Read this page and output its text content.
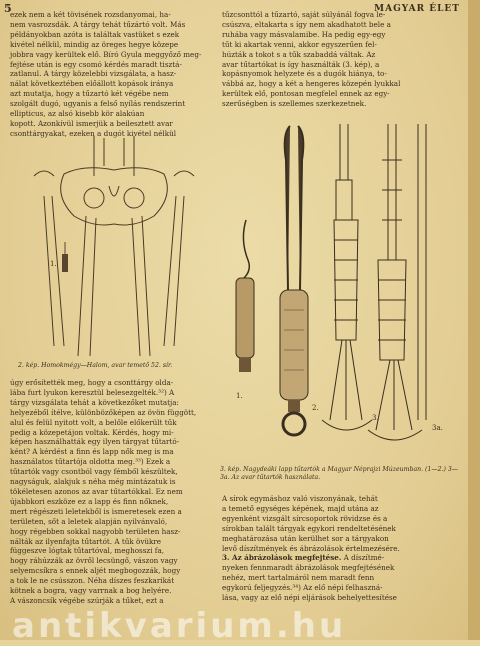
5	MAGYAR ÉLET

ezek nem a két tövisének rozsdanyomai, ha-
nem vasrozsdák. A tárgy tehát tűzártó volt. Más
példányokban azóta is találtak vastüket s ezek
kivétel nélkül, mindig az öreges hegye közepe
jobbra vagy kerültek elő. Bíró Gyula meggyőző meg-
fejtése után is egy csomó kérdés maradt tisztá-
zatlanul. A tárgy közelebbi vizsgálata, a hasz-
nálat következtében előállott kopások iránya
azt mutatja, hogy a tűzartó két végébe nem
szolgált dugó, ugyanis a felső nyílás rendszerint
ellipticus, az alsó kisebb kör alakúan
kopott. Azonkívül ismerjük a beilesztett avar
csonttárgyakat, ezeken a dugót kivétel nélkül

tűzcsonttól a tűzartó, saját súlyánál fogva le-
csúszva, eltakarta s így nem akadhatott bele a
ruhába vagy másvalamibe. Ha pedig egy-egy
tűt ki akartak venni, akkor egyszerűen fel-
húzták a tokot s a tűk szabaddá váltak. Az
avar tűtartókat is így használták (3. kép), a
kopásnyomok helyzete és a dugók hiánya, to-
vábbá az, hogy a két a hengeres közepén lyukkal
kerültek elő, pontosan megfelel ennek az egy-
szerűségben is szellemes szerkezetnek.

1.
2. kép. Homokmégy—Halom, avar temető 52. sír.
1.
2.
3.
3a.
3. kép. Nagydeáki lapp tűtartók a Magyar Néprajzi Múzeumban. (1—2.) 3—3a. Az avar tűtartók használata.

úgy erősítették meg, hogy a csonttárgy olda-
lába furt lyukon keresztül belesezgelték.³²) A
tárgy vizsgálata tehát a következőket mutatja:
helyezéből ítélve, különbözőképen az övön függött,
alul és felül nyitott volt, a belőle előkerült tűk
pedig a közepetájon voltak. Kérdés, hogy mi-
képen használhatták egy ilyen tárgyat tűtartó-
ként? A kérdést a finn és lapp nők meg is ma
használatos tűtartója oldotta meg.³³) Ezek a
tűtartók vagy csontból vagy fémből készültek,
nagyságuk, alakjuk s néha még mintázatuk is
tökéletesen azonos az avar tűtartókkal. Ez nem
újabbkori eszköze ez a lapp és finn nőknek,
mert régészeti leletekből is ismeretesek ezen a
területen, sőt a leletek alapján nyilvánvaló,
hogy régebben sokkal nagyobb területen hasz-
nálták az ilyenfajta tűtartót. A tűk övükre
függeszve lógtak tűtartóval, meghosszi fa,
hogy ráhúzzák az övről lecsüngő, vászon vagy
selyemcsíkra s ennek aljét megbogozzák, hogy
a tok le ne csússzon. Néha díszes feszkarikát
kötnek a bogra, vagy varrnak a bog helyére.
A vászoncsík végébe szúrják a tűket, ezt a

A sírok egymáshoz való viszonyának, tehát
a temető egységes képének, majd utána az
egyenként vizsgált sírcsoportok rövidzse és a
sírokban talált tárgyak egykori rendeltetésének
meghatározása után kerülhet sor a tárgyakon
levő díszítmények és ábrázolások értelmezésére.

3. Az ábrázolások megfejtése. A díszítmé-
nyeken fennmaradt ábrázolások megfejtésének
nehéz, mert tartalmáról nem maradt fenn
egykorú feljegyzés.³⁴) Az elő népi felhaszná-
lása, vagy az elő népi eljárások behelyettesítése

antikvarium.hu
